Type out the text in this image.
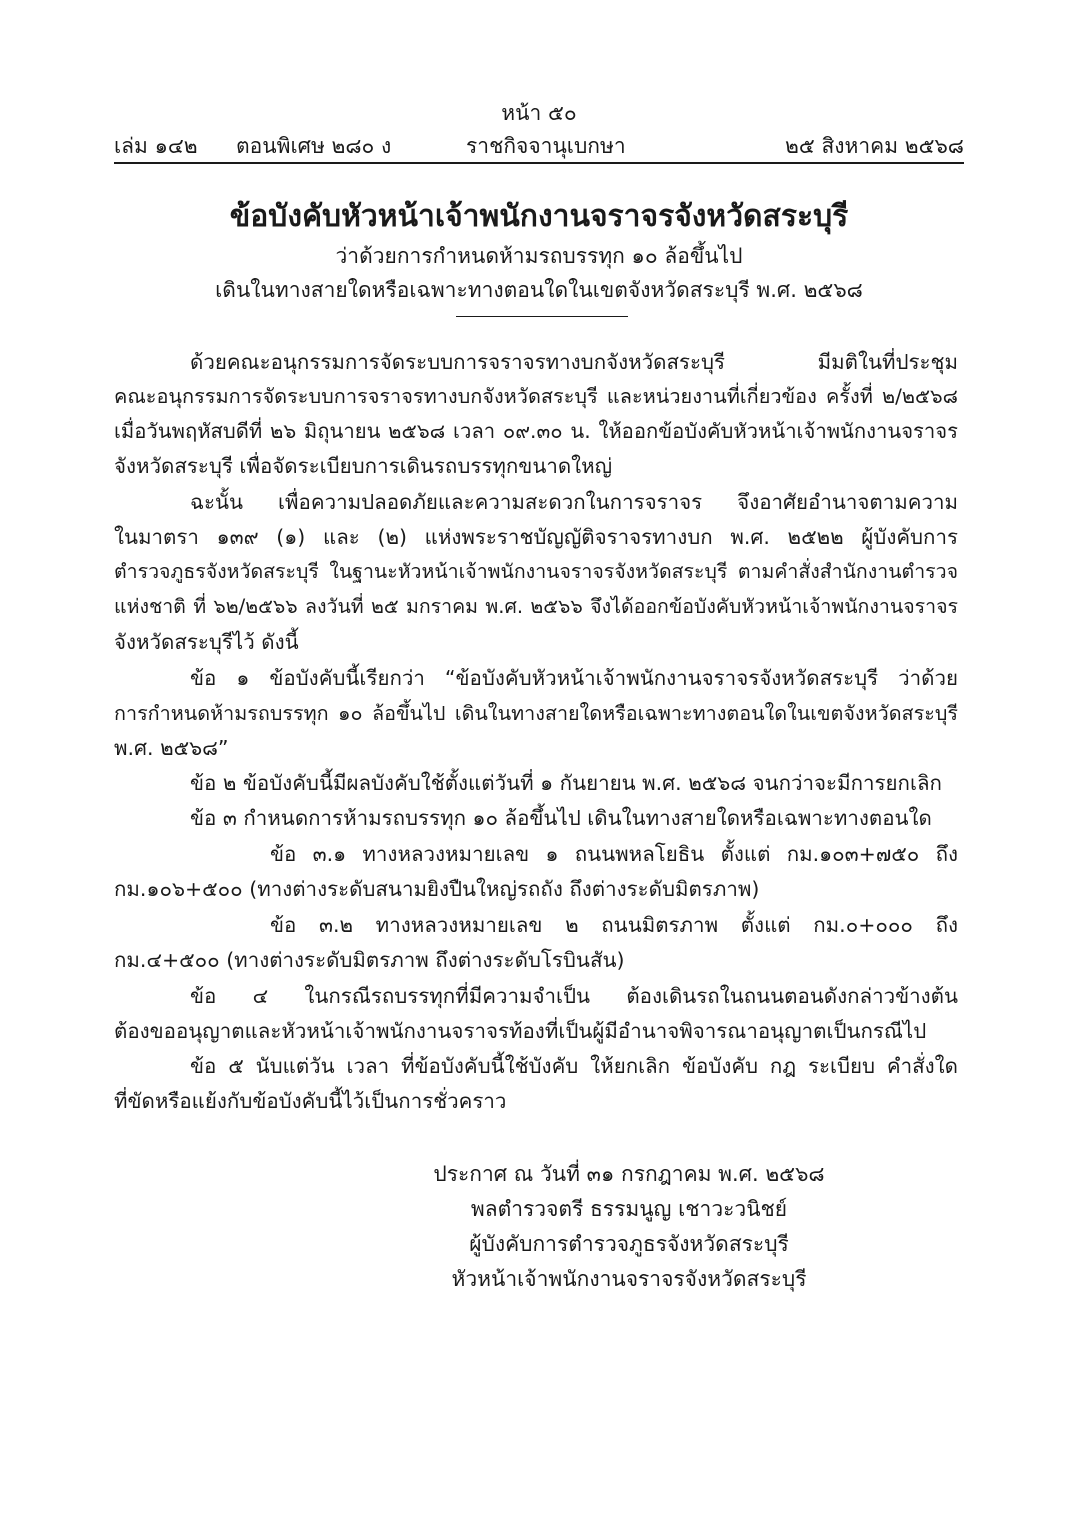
หน้า ๕๐
เล่ม ๑๔๒ ตอนพิเศษ ๒๘๐ ง	ราชกิจจานุเบกษา	๒๕ สิงหาคม ๒๕๖๘
ข้อบังคับหัวหน้าเจ้าพนักงานจราจรจังหวัดสระบุรี
ว่าด้วยการกำหนดห้ามรถบรรทุก ๑๐ ล้อขึ้นไป
เดินในทางสายใดหรือเฉพาะทางตอนใดในเขตจังหวัดสระบุรี พ.ศ. ๒๕๖๘
ด้วยคณะอนุกรรมการจัดระบบการจราจรทางบกจังหวัดสระบุรี มีมติในที่ประชุม
คณะอนุกรรมการจัดระบบการจราจรทางบกจังหวัดสระบุรี และหน่วยงานที่เกี่ยวข้อง ครั้งที่ ๒/๒๕๖๘
เมื่อวันพฤหัสบดีที่ ๒๖ มิถุนายน ๒๕๖๘ เวลา ๐๙.๓๐ น. ให้ออกข้อบังคับหัวหน้าเจ้าพนักงานจราจร
จังหวัดสระบุรี เพื่อจัดระเบียบการเดินรถบรรทุกขนาดใหญ่
ฉะนั้น เพื่อความปลอดภัยและความสะดวกในการจราจร จึงอาศัยอำนาจตามความ
ในมาตรา ๑๓๙ (๑) และ (๒) แห่งพระราชบัญญัติจราจรทางบก พ.ศ. ๒๕๒๒ ผู้บังคับการ
ตำรวจภูธรจังหวัดสระบุรี ในฐานะหัวหน้าเจ้าพนักงานจราจรจังหวัดสระบุรี ตามคำสั่งสำนักงานตำรวจ
แห่งชาติ ที่ ๖๒/๒๕๖๖ ลงวันที่ ๒๕ มกราคม พ.ศ. ๒๕๖๖ จึงได้ออกข้อบังคับหัวหน้าเจ้าพนักงานจราจร
จังหวัดสระบุรีไว้ ดังนี้
ข้อ ๑ ข้อบังคับนี้เรียกว่า “ข้อบังคับหัวหน้าเจ้าพนักงานจราจรจังหวัดสระบุรี ว่าด้วย
การกำหนดห้ามรถบรรทุก ๑๐ ล้อขึ้นไป เดินในทางสายใดหรือเฉพาะทางตอนใดในเขตจังหวัดสระบุรี
พ.ศ. ๒๕๖๘”
ข้อ ๒ ข้อบังคับนี้มีผลบังคับใช้ตั้งแต่วันที่ ๑ กันยายน พ.ศ. ๒๕๖๘ จนกว่าจะมีการยกเลิก
ข้อ ๓ กำหนดการห้ามรถบรรทุก ๑๐ ล้อขึ้นไป เดินในทางสายใดหรือเฉพาะทางตอนใด
ข้อ ๓.๑ ทางหลวงหมายเลข ๑ ถนนพหลโยธิน ตั้งแต่ กม.๑๐๓+๗๕๐ ถึง
กม.๑๐๖+๕๐๐ (ทางต่างระดับสนามยิงปืนใหญ่รถถัง ถึงต่างระดับมิตรภาพ)
ข้อ ๓.๒ ทางหลวงหมายเลข ๒ ถนนมิตรภาพ ตั้งแต่ กม.๐+๐๐๐ ถึง
กม.๔+๕๐๐ (ทางต่างระดับมิตรภาพ ถึงต่างระดับโรบินสัน)
ข้อ ๔ ในกรณีรถบรรทุกที่มีความจำเป็น ต้องเดินรถในถนนตอนดังกล่าวข้างต้น
ต้องขออนุญาตและหัวหน้าเจ้าพนักงานจราจรท้องที่เป็นผู้มีอำนาจพิจารณาอนุญาตเป็นกรณีไป
ข้อ ๕ นับแต่วัน เวลา ที่ข้อบังคับนี้ใช้บังคับ ให้ยกเลิก ข้อบังคับ กฎ ระเบียบ คำสั่งใด
ที่ขัดหรือแย้งกับข้อบังคับนี้ไว้เป็นการชั่วคราว
ประกาศ ณ วันที่ ๓๑ กรกฎาคม พ.ศ. ๒๕๖๘
พลตำรวจตรี ธรรมนูญ เชาวะวนิชย์
ผู้บังคับการตำรวจภูธรจังหวัดสระบุรี
หัวหน้าเจ้าพนักงานจราจรจังหวัดสระบุรี
